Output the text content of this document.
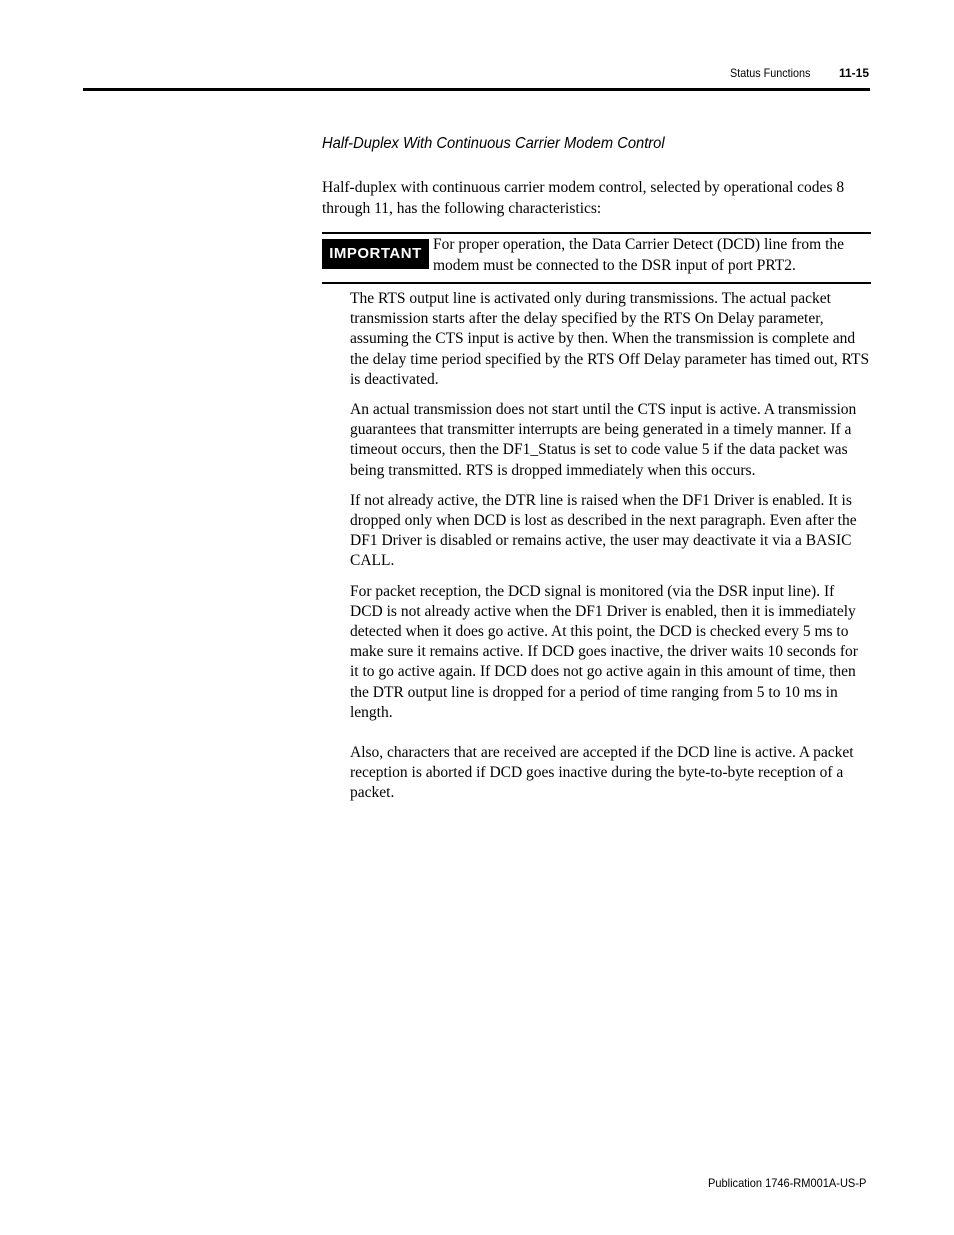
Status Functions 11-15
Half-Duplex With Continuous Carrier Modem Control

Half-duplex with continuous carrier modem control, selected by operational codes 8 through 11, has the following characteristics:

IMPORTANT

For proper operation, the Data Carrier Detect (DCD) line from the modem must be connected to the DSR input of port PRT2.

The RTS output line is activated only during transmissions. The actual packet transmission starts after the delay specified by the RTS On Delay parameter, assuming the CTS input is active by then. When the transmission is complete and the delay time period specified by the RTS Off Delay parameter has timed out, RTS is deactivated.

An actual transmission does not start until the CTS input is active. A transmission guarantees that transmitter interrupts are being generated in a timely manner. If a timeout occurs, then the DF1_Status is set to code value 5 if the data packet was being transmitted. RTS is dropped immediately when this occurs.

If not already active, the DTR line is raised when the DF1 Driver is enabled. It is dropped only when DCD is lost as described in the next paragraph. Even after the DF1 Driver is disabled or remains active, the user may deactivate it via a BASIC CALL.

For packet reception, the DCD signal is monitored (via the DSR input line). If DCD is not already active when the DF1 Driver is enabled, then it is immediately detected when it does go active. At this point, the DCD is checked every 5 ms to make sure it remains active. If DCD goes inactive, the driver waits 10 seconds for it to go active again. If DCD does not go active again in this amount of time, then the DTR output line is dropped for a period of time ranging from 5 to 10 ms in length.

Also, characters that are received are accepted if the DCD line is active. A packet reception is aborted if DCD goes inactive during the byte-to-byte reception of a packet.

Publication 1746-RM001A-US-P
